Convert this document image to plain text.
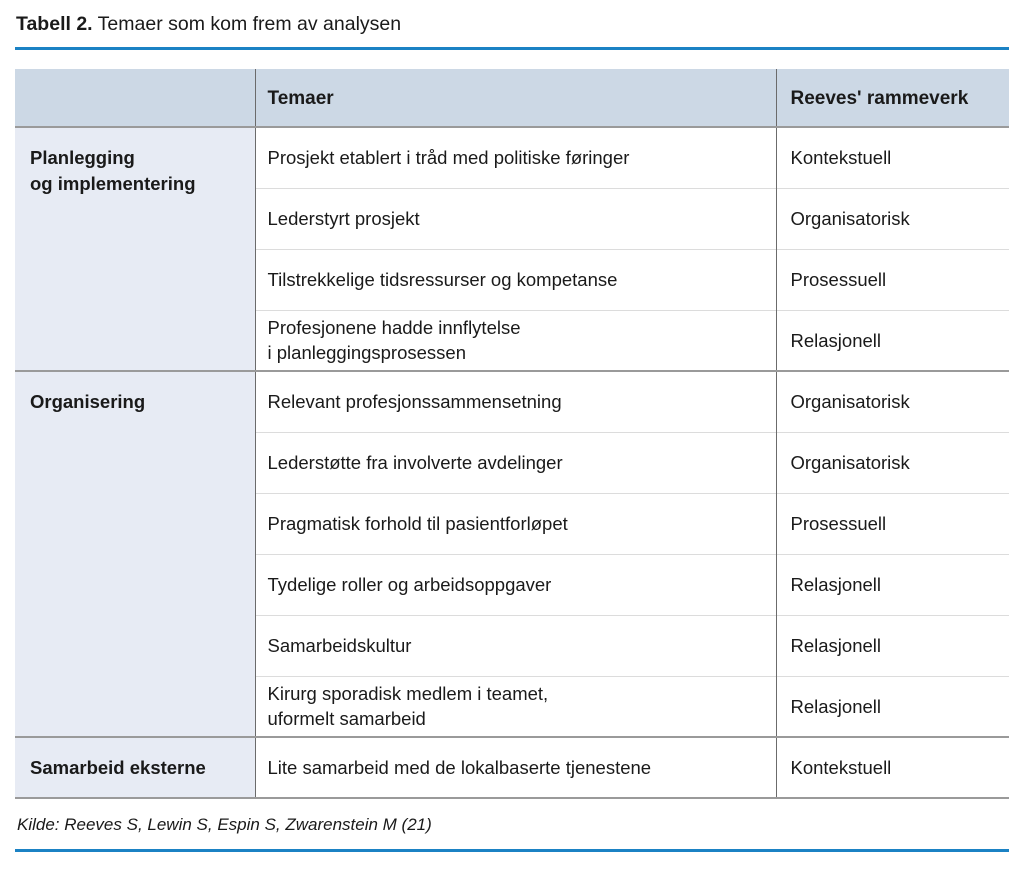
Tabell 2. Temaer som kom frem av analysen
	Temaer	Reeves' rammeverk

Planlegging
og implementering	Prosjekt etablert i tråd med politiske føringer	Kontekstuell

	Lederstyrt prosjekt	Organisatorisk

	Tilstrekkelige tidsressurser og kompetanse	Prosessuell

	Profesjonene hadde innflytelse
i planleggingsprosessen	Relasjonell

Organisering	Relevant profesjonssammensetning	Organisatorisk

	Lederstøtte fra involverte avdelinger	Organisatorisk

	Pragmatisk forhold til pasientforløpet	Prosessuell

	Tydelige roller og arbeidsoppgaver	Relasjonell

	Samarbeidskultur	Relasjonell

	Kirurg sporadisk medlem i teamet,
uformelt samarbeid	Relasjonell

Samarbeid eksterne	Lite samarbeid med de lokalbaserte tjenestene	Kontekstuell
Kilde: Reeves S, Lewin S, Espin S, Zwarenstein M (21)
